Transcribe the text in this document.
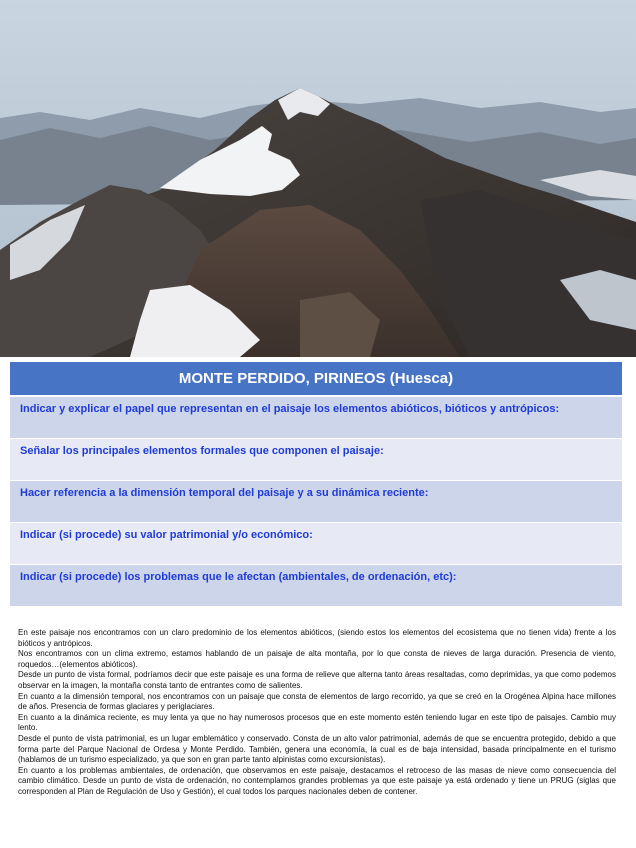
MONTE PERDIDO, PIRINEOS (Huesca)
Indicar y explicar el papel que representan en el paisaje los elementos abióticos, bióticos y antrópicos:
Señalar los principales elementos formales que componen el paisaje:
Hacer referencia a la dimensión temporal del paisaje y a su dinámica reciente:
Indicar (si procede) su valor patrimonial y/o económico:
Indicar (si procede) los problemas que le afectan (ambientales, de ordenación, etc):

En este paisaje nos encontramos con un claro predominio de los elementos abióticos, (siendo estos los elementos del ecosistema que no tienen vida) frente a los bióticos y antrópicos.

Nos encontramos con un clima extremo, estamos hablando de un paisaje de alta montaña, por lo que consta de nieves de larga duración. Presencia de viento, roquedos…(elementos abióticos).

Desde un punto de vista formal, podríamos decir que este paisaje es una forma de relieve que alterna tanto áreas resaltadas, como deprimidas, ya que como podemos observar en la imagen, la montaña consta tanto de entrantes como de salientes.

En cuanto a la dimensión temporal, nos encontramos con un paisaje que consta de elementos de largo recorrido, ya que se creó en la Orogénea Alpina hace millones de años. Presencia de formas glaciares y periglaciares.

En cuanto a la dinámica reciente, es muy lenta ya que no hay numerosos procesos que en este momento estén teniendo lugar en este tipo de paisajes. Cambio muy lento.

Desde el punto de vista patrimonial, es un lugar emblemático y conservado. Consta de un alto valor patrimonial, además de que se encuentra protegido, debido a que forma parte del Parque Nacional de Ordesa y Monte Perdido. También, genera una economía, la cual es de baja intensidad, basada principalmente en el turismo (hablamos de un turismo especializado, ya que son en gran parte tanto alpinistas como excursionistas).

En cuanto a los problemas ambientales, de ordenación, que observamos en este paisaje, destacamos el retroceso de las masas de nieve como consecuencia del cambio climático. Desde un punto de vista de ordenación, no contemplamos grandes problemas ya que este paisaje ya está ordenado y tiene un PRUG (siglas que corresponden al Plan de Regulación de Uso y Gestión), el cual todos los parques nacionales deben de contener.
